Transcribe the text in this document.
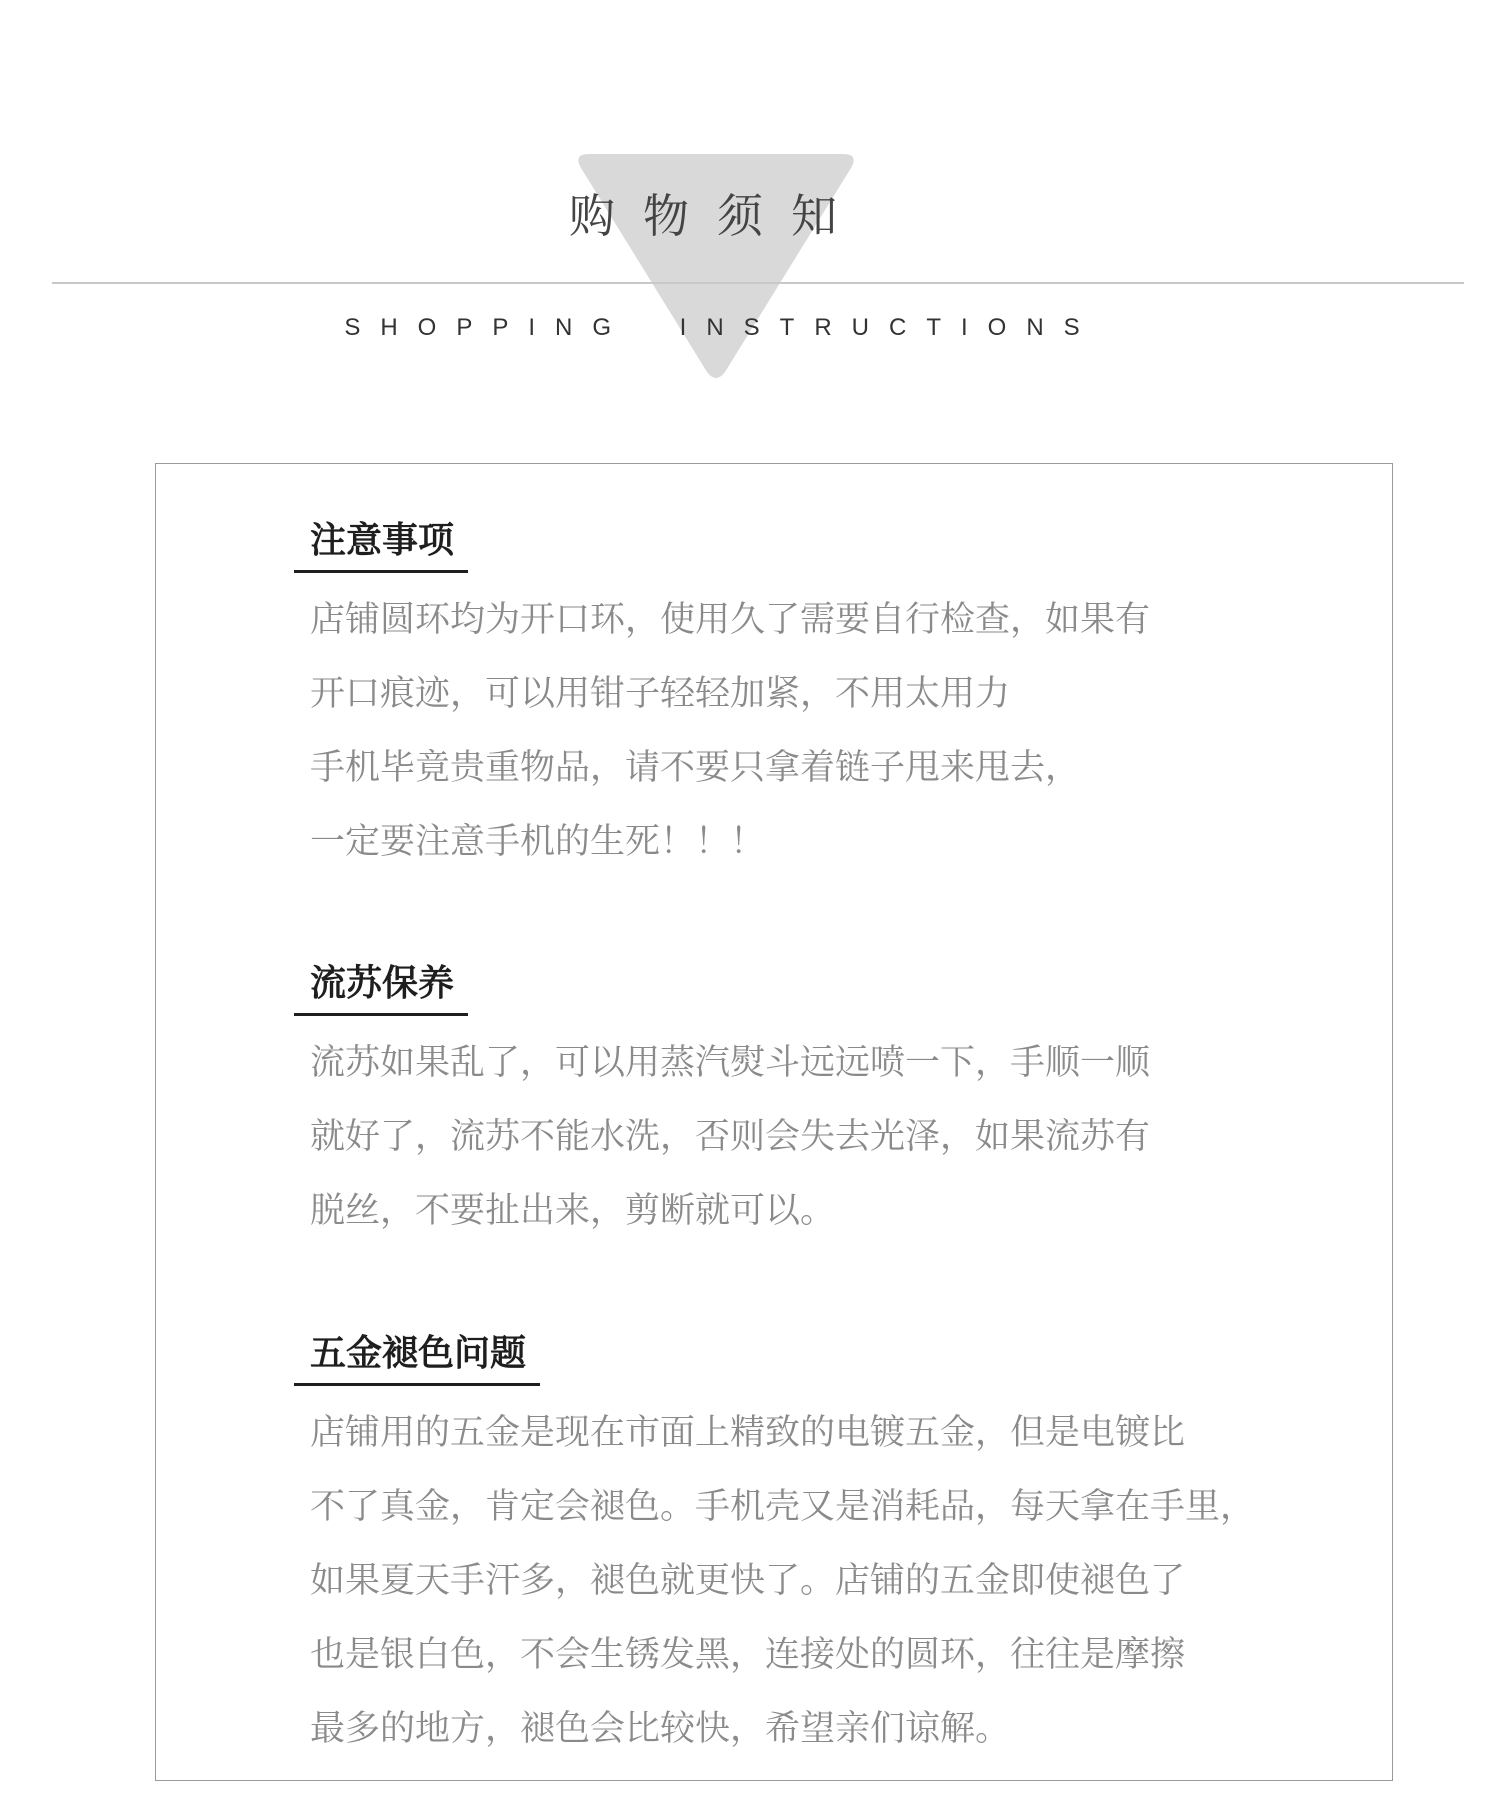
购物须知
SHOPPING INSTRUCTIONS
注意事项
店铺圆环均为开口环，使用久了需要自行检查，如果有
开口痕迹，可以用钳子轻轻加紧，不用太用力
手机毕竟贵重物品，请不要只拿着链子甩来甩去，
一定要注意手机的生死！！！
流苏保养
流苏如果乱了，可以用蒸汽熨斗远远喷一下，手顺一顺
就好了，流苏不能水洗，否则会失去光泽，如果流苏有
脱丝，不要扯出来，剪断就可以。
五金褪色问题
店铺用的五金是现在市面上精致的电镀五金，但是电镀比
不了真金，肯定会褪色。手机壳又是消耗品，每天拿在手里，
如果夏天手汗多，褪色就更快了。店铺的五金即使褪色了
也是银白色，不会生锈发黑，连接处的圆环，往往是摩擦
最多的地方，褪色会比较快，希望亲们谅解。
